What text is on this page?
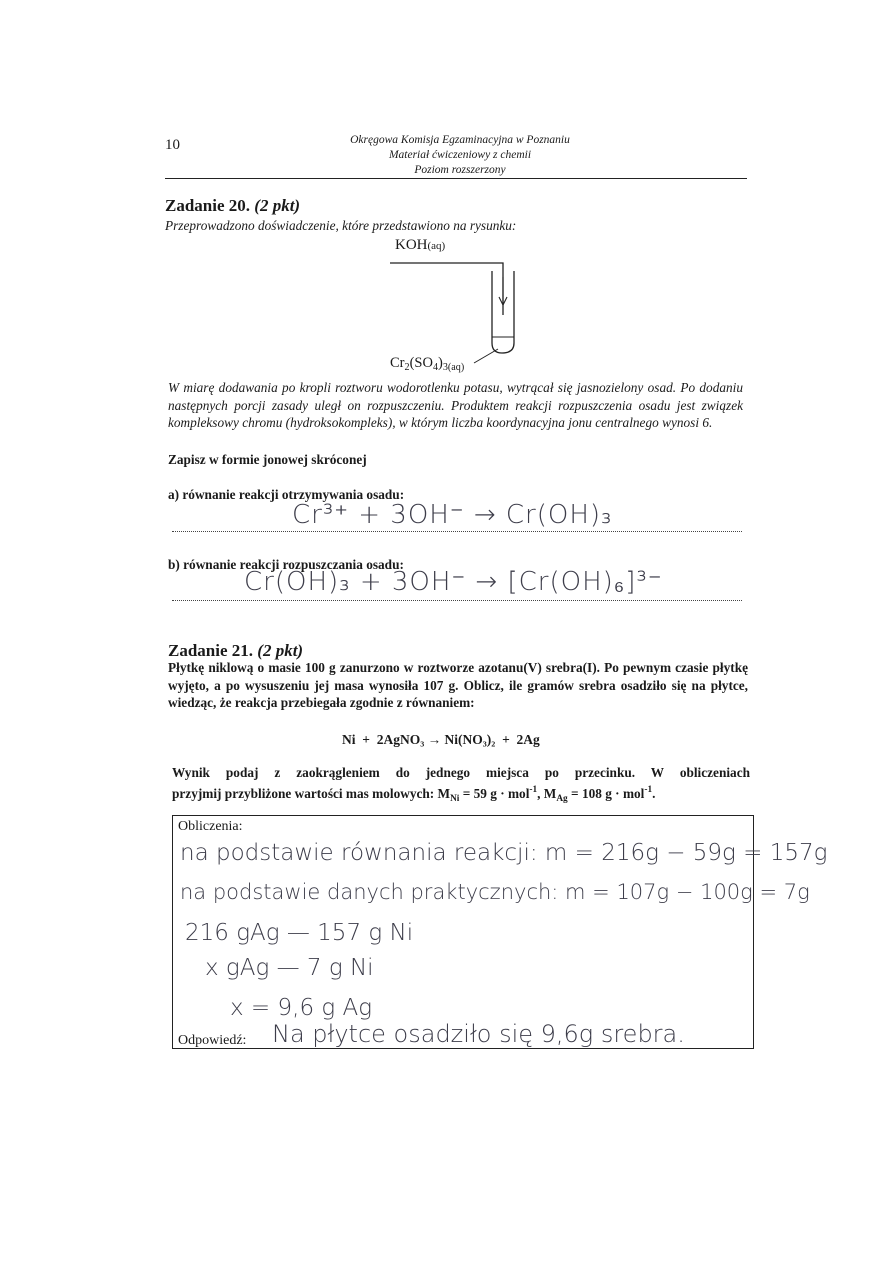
10	Okręgowa Komisja Egzaminacyjna w Poznaniu
Materiał ćwiczeniowy z chemii
Poziom rozszerzony
Zadanie 20. (2 pkt)
Przeprowadzono doświadczenie, które przedstawiono na rysunku:
KOH(aq)
$Cr_2(SO_4)_{3(aq)}$
W miarę dodawania po kropli roztworu wodorotlenku potasu, wytrącał się jasnozielony osad. Po dodaniu następnych porcji zasady uległ on rozpuszczeniu. Produktem reakcji rozpuszczenia osadu jest związek kompleksowy chromu (hydroksokompleks), w którym liczba koordynacyjna jonu centralnego wynosi 6.
Zapisz w formie jonowej skróconej
a) równanie reakcji otrzymywania osadu:
Cr³⁺ + 3OH⁻ → Cr(OH)₃
b) równanie reakcji rozpuszczania osadu:
Cr(OH)₃ + 3OH⁻ → [Cr(OH)₆]³⁻
Zadanie 21. (2 pkt)
Płytkę niklową o masie 100 g zanurzono w roztworze azotanu(V) srebra(I). Po pewnym czasie płytkę wyjęto, a po wysuszeniu jej masa wynosiła 107 g. Oblicz, ile gramów srebra osadziło się na płytce, wiedząc, że reakcja przebiegała zgodnie z równaniem:
Ni  +  2AgNO₃ → Ni(NO₃)₂  +  2Ag
Wynik podaj z zaokrągleniem do jednego miejsca po przecinku. W obliczeniach
przyjmij przybliżone wartości mas molowych: $M_{Ni} = 59$ g · mol$^{-1}$, $M_{Ag} = 108$ g · mol$^{-1}$.
Obliczenia:
na podstawie równania reakcji: m = 216g − 59g = 157g
na podstawie danych praktycznych: m = 107g − 100g = 7g
216 gAg — 157 g Ni
x gAg — 7 g Ni
x = 9,6 g Ag
Odpowiedź: Na płytce osadziło się 9,6g srebra.
